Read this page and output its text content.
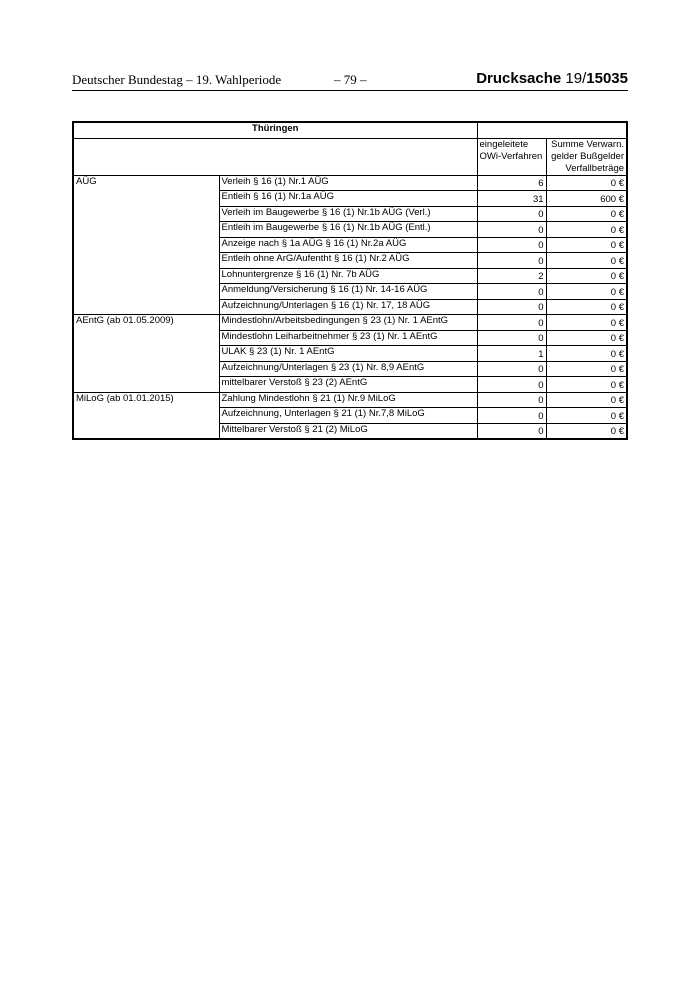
Deutscher Bundestag – 19. Wahlperiode	– 79 –	Drucksache 19/15035
Thüringen			
		eingeleitete OWi-Verfahren	Summe Verwarn. gelder Bußgelder Verfallbeträge
AÜG	Verleih § 16 (1) Nr.1 AÜG	6	0 €
	Entleih § 16 (1) Nr.1a AÜG	31	600 €
	Verleih im Baugewerbe § 16 (1) Nr.1b AÜG (Verl.)	0	0 €
	Entleih im Baugewerbe § 16 (1) Nr.1b AÜG (Entl.)	0	0 €
	Anzeige nach § 1a AÜG § 16 (1) Nr.2a AÜG	0	0 €
	Entleih ohne ArG/Aufentht § 16 (1) Nr.2 AÜG	0	0 €
	Lohnuntergrenze § 16 (1) Nr. 7b AÜG	2	0 €
	Anmeldung/Versicherung § 16 (1) Nr. 14-16 AÜG	0	0 €
	Aufzeichnung/Unterlagen § 16 (1) Nr. 17, 18 AÜG	0	0 €
AEntG (ab 01.05.2009)	Mindestlohn/Arbeitsbedingungen § 23 (1) Nr. 1 AEntG	0	0 €
	Mindestlohn Leiharbeitnehmer § 23 (1) Nr. 1 AEntG	0	0 €
	ULAK § 23 (1) Nr. 1 AEntG	1	0 €
	Aufzeichnung/Unterlagen § 23 (1) Nr. 8,9 AEntG	0	0 €
	mittelbarer Verstoß § 23 (2) AEntG	0	0 €
MiLoG (ab 01.01.2015)	Zahlung Mindestlohn § 21 (1) Nr.9 MiLoG	0	0 €
	Aufzeichnung, Unterlagen § 21 (1) Nr.7,8 MiLoG	0	0 €
	Mittelbarer Verstoß § 21 (2) MiLoG	0	0 €
